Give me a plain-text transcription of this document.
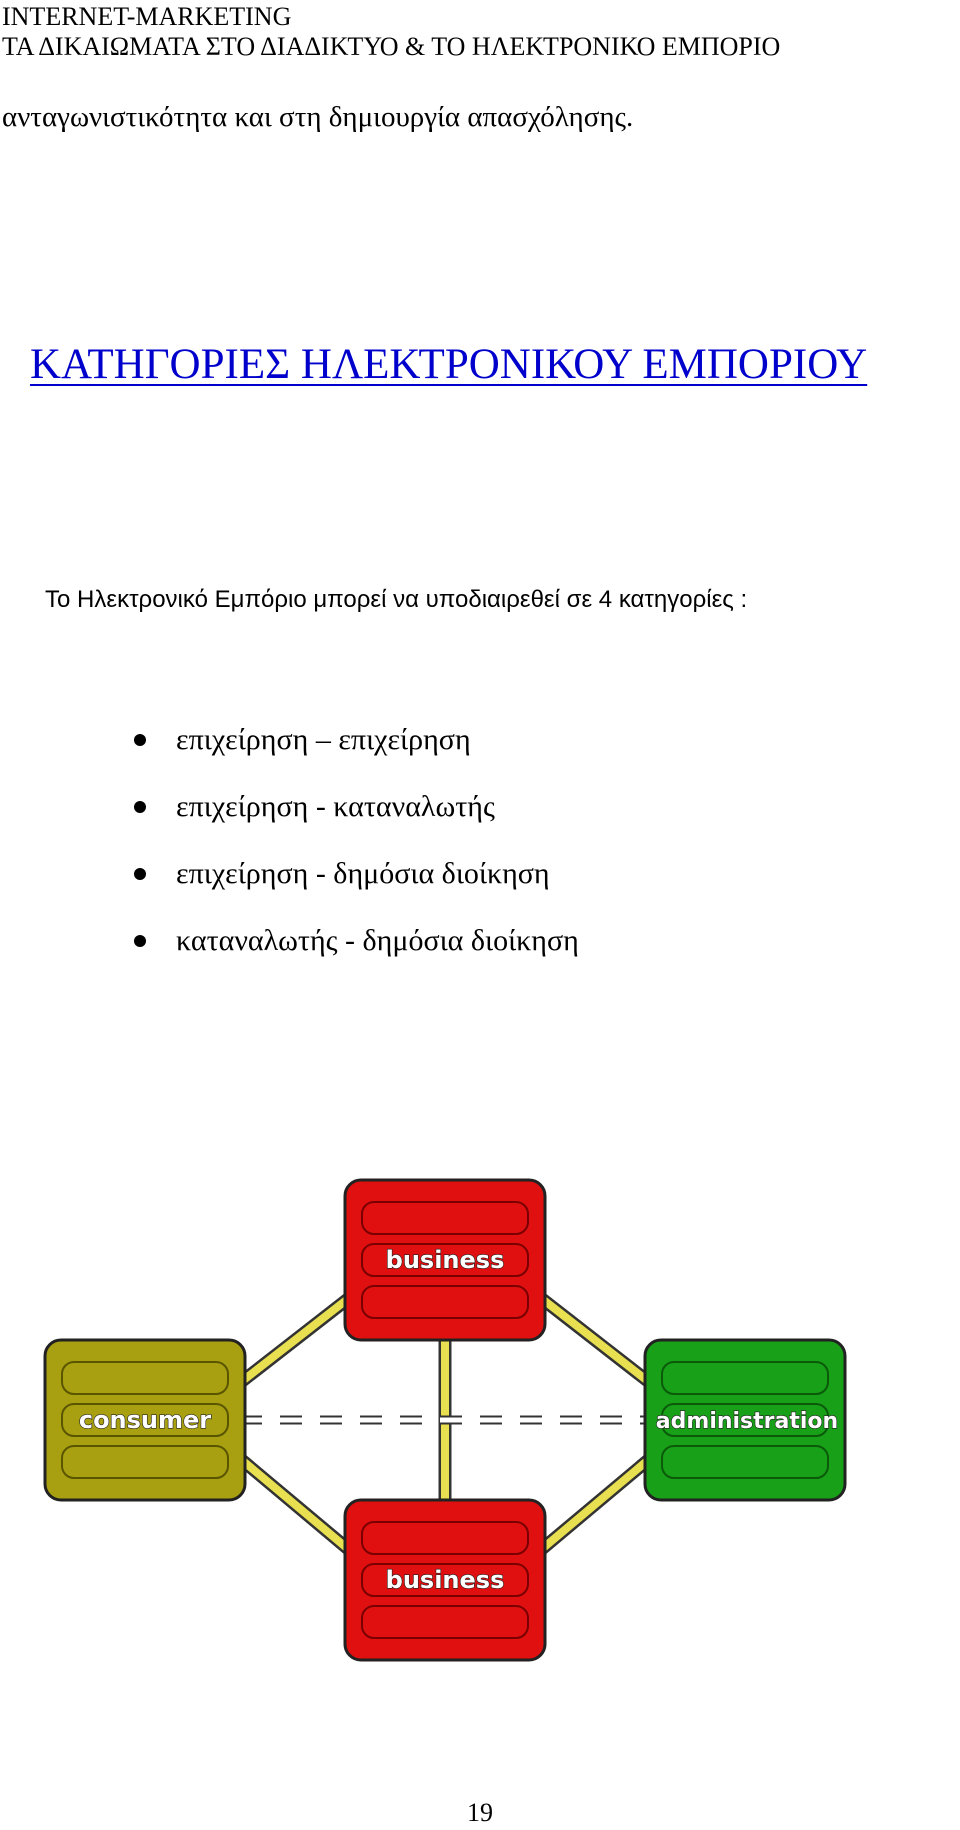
INTERNET-MARKETING
ΤΑ ΔΙΚΑΙΩΜΑΤΑ ΣΤΟ ΔΙΑΔΙΚΤΥΟ & ΤΟ ΗΛΕΚΤΡΟΝΙΚΟ ΕΜΠΟΡΙΟ
ανταγωνιστικότητα και στη δημιουργία απασχόλησης.
ΚΑΤΗΓΟΡΙΕΣ ΗΛΕΚΤΡΟΝΙΚΟΥ ΕΜΠΟΡΙΟΥ
Το Ηλεκτρονικό Εμπόριο μπορεί να υποδιαιρεθεί σε 4 κατηγορίες :
επιχείρηση – επιχείρηση
επιχείρηση - καταναλωτής
επιχείρηση - δημόσια διοίκηση
καταναλωτής - δημόσια διοίκηση
business
consumer	administration
business
19
